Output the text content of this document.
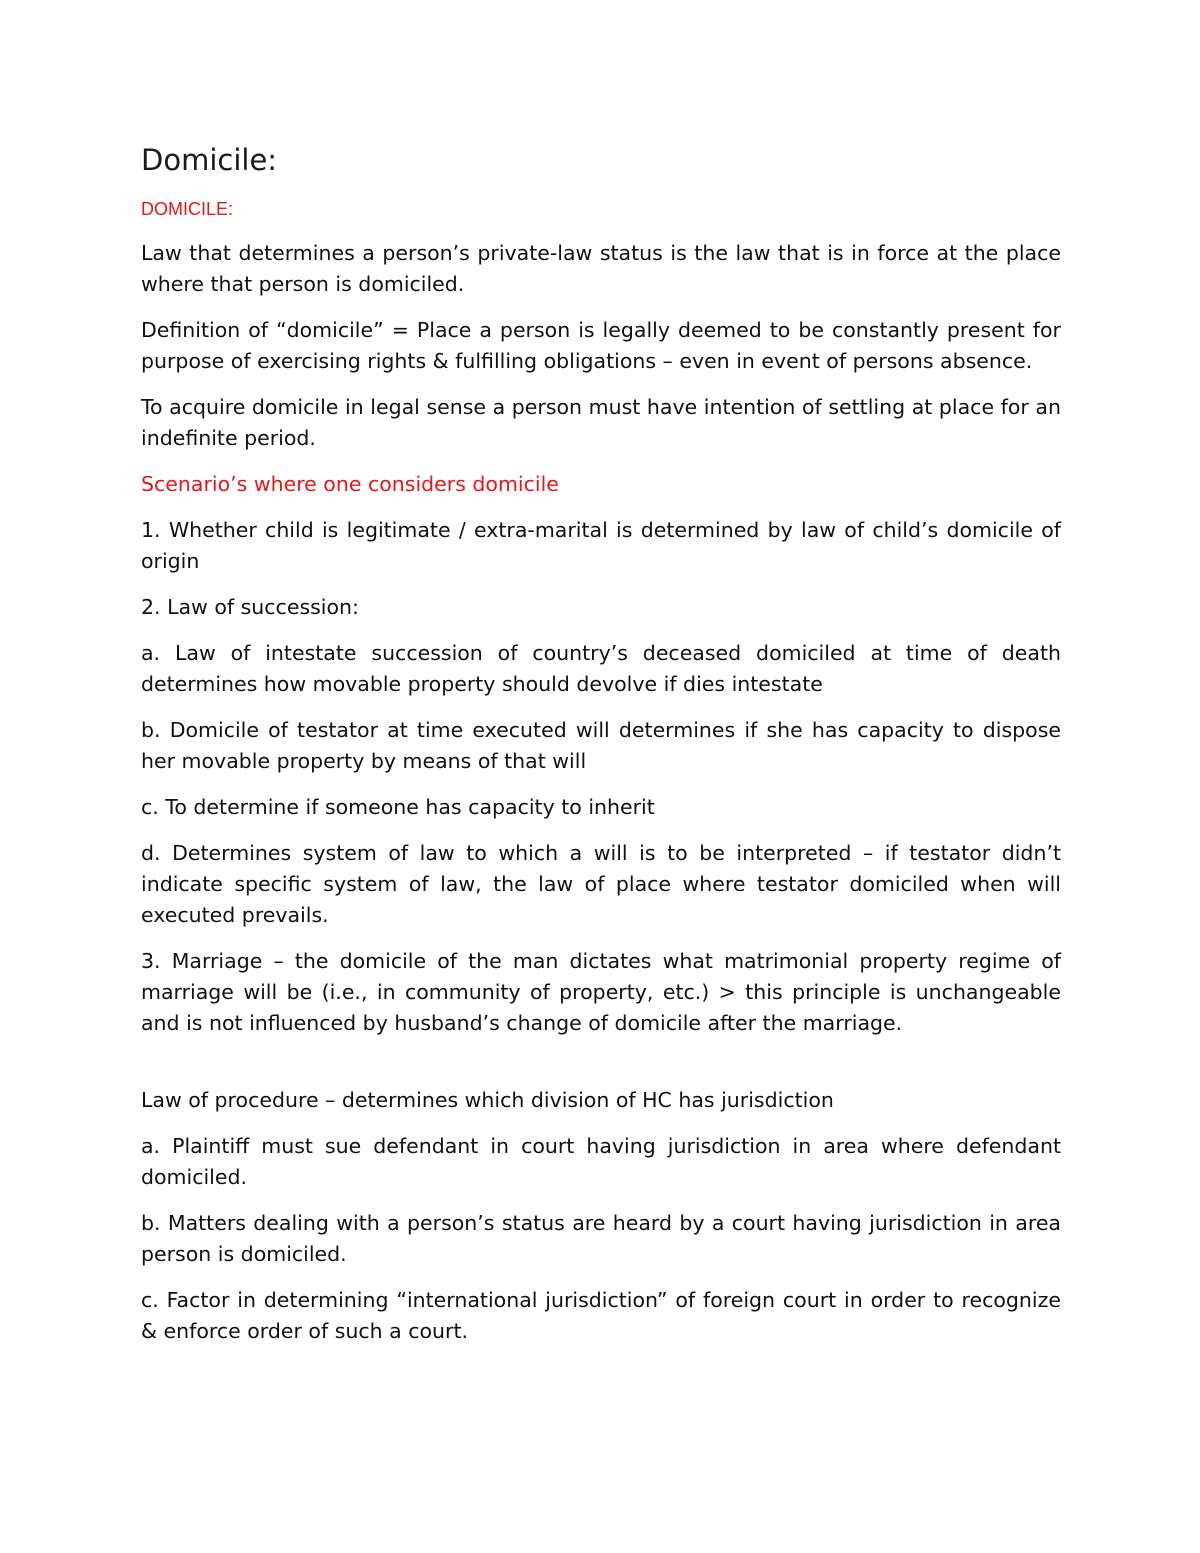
Domicile:
DOMICILE:

Law that determines a person’s private-law status is the law that is in force at the place where that person is domiciled.

Definition of “domicile” = Place a person is legally deemed to be constantly present for purpose of exercising rights & fulfilling obligations – even in event of persons absence.

To acquire domicile in legal sense a person must have intention of settling at place for an indefinite period.

Scenario’s where one considers domicile

1. Whether child is legitimate / extra-marital is determined by law of child’s domicile of origin

2. Law of succession:

a. Law of intestate succession of country’s deceased domiciled at time of death determines how movable property should devolve if dies intestate

b. Domicile of testator at time executed will determines if she has capacity to dispose her movable property by means of that will

c. To determine if someone has capacity to inherit

d. Determines system of law to which a will is to be interpreted – if testator didn’t indicate specific system of law, the law of place where testator domiciled when will executed prevails.

3. Marriage – the domicile of the man dictates what matrimonial property regime of marriage will be (i.e., in community of property, etc.) > this principle is unchangeable and is not influenced by husband’s change of domicile after the marriage.

Law of procedure – determines which division of HC has jurisdiction

a. Plaintiff must sue defendant in court having jurisdiction in area where defendant domiciled.

b. Matters dealing with a person’s status are heard by a court having jurisdiction in area person is domiciled.

c. Factor in determining “international jurisdiction” of foreign court in order to recognize & enforce order of such a court.
